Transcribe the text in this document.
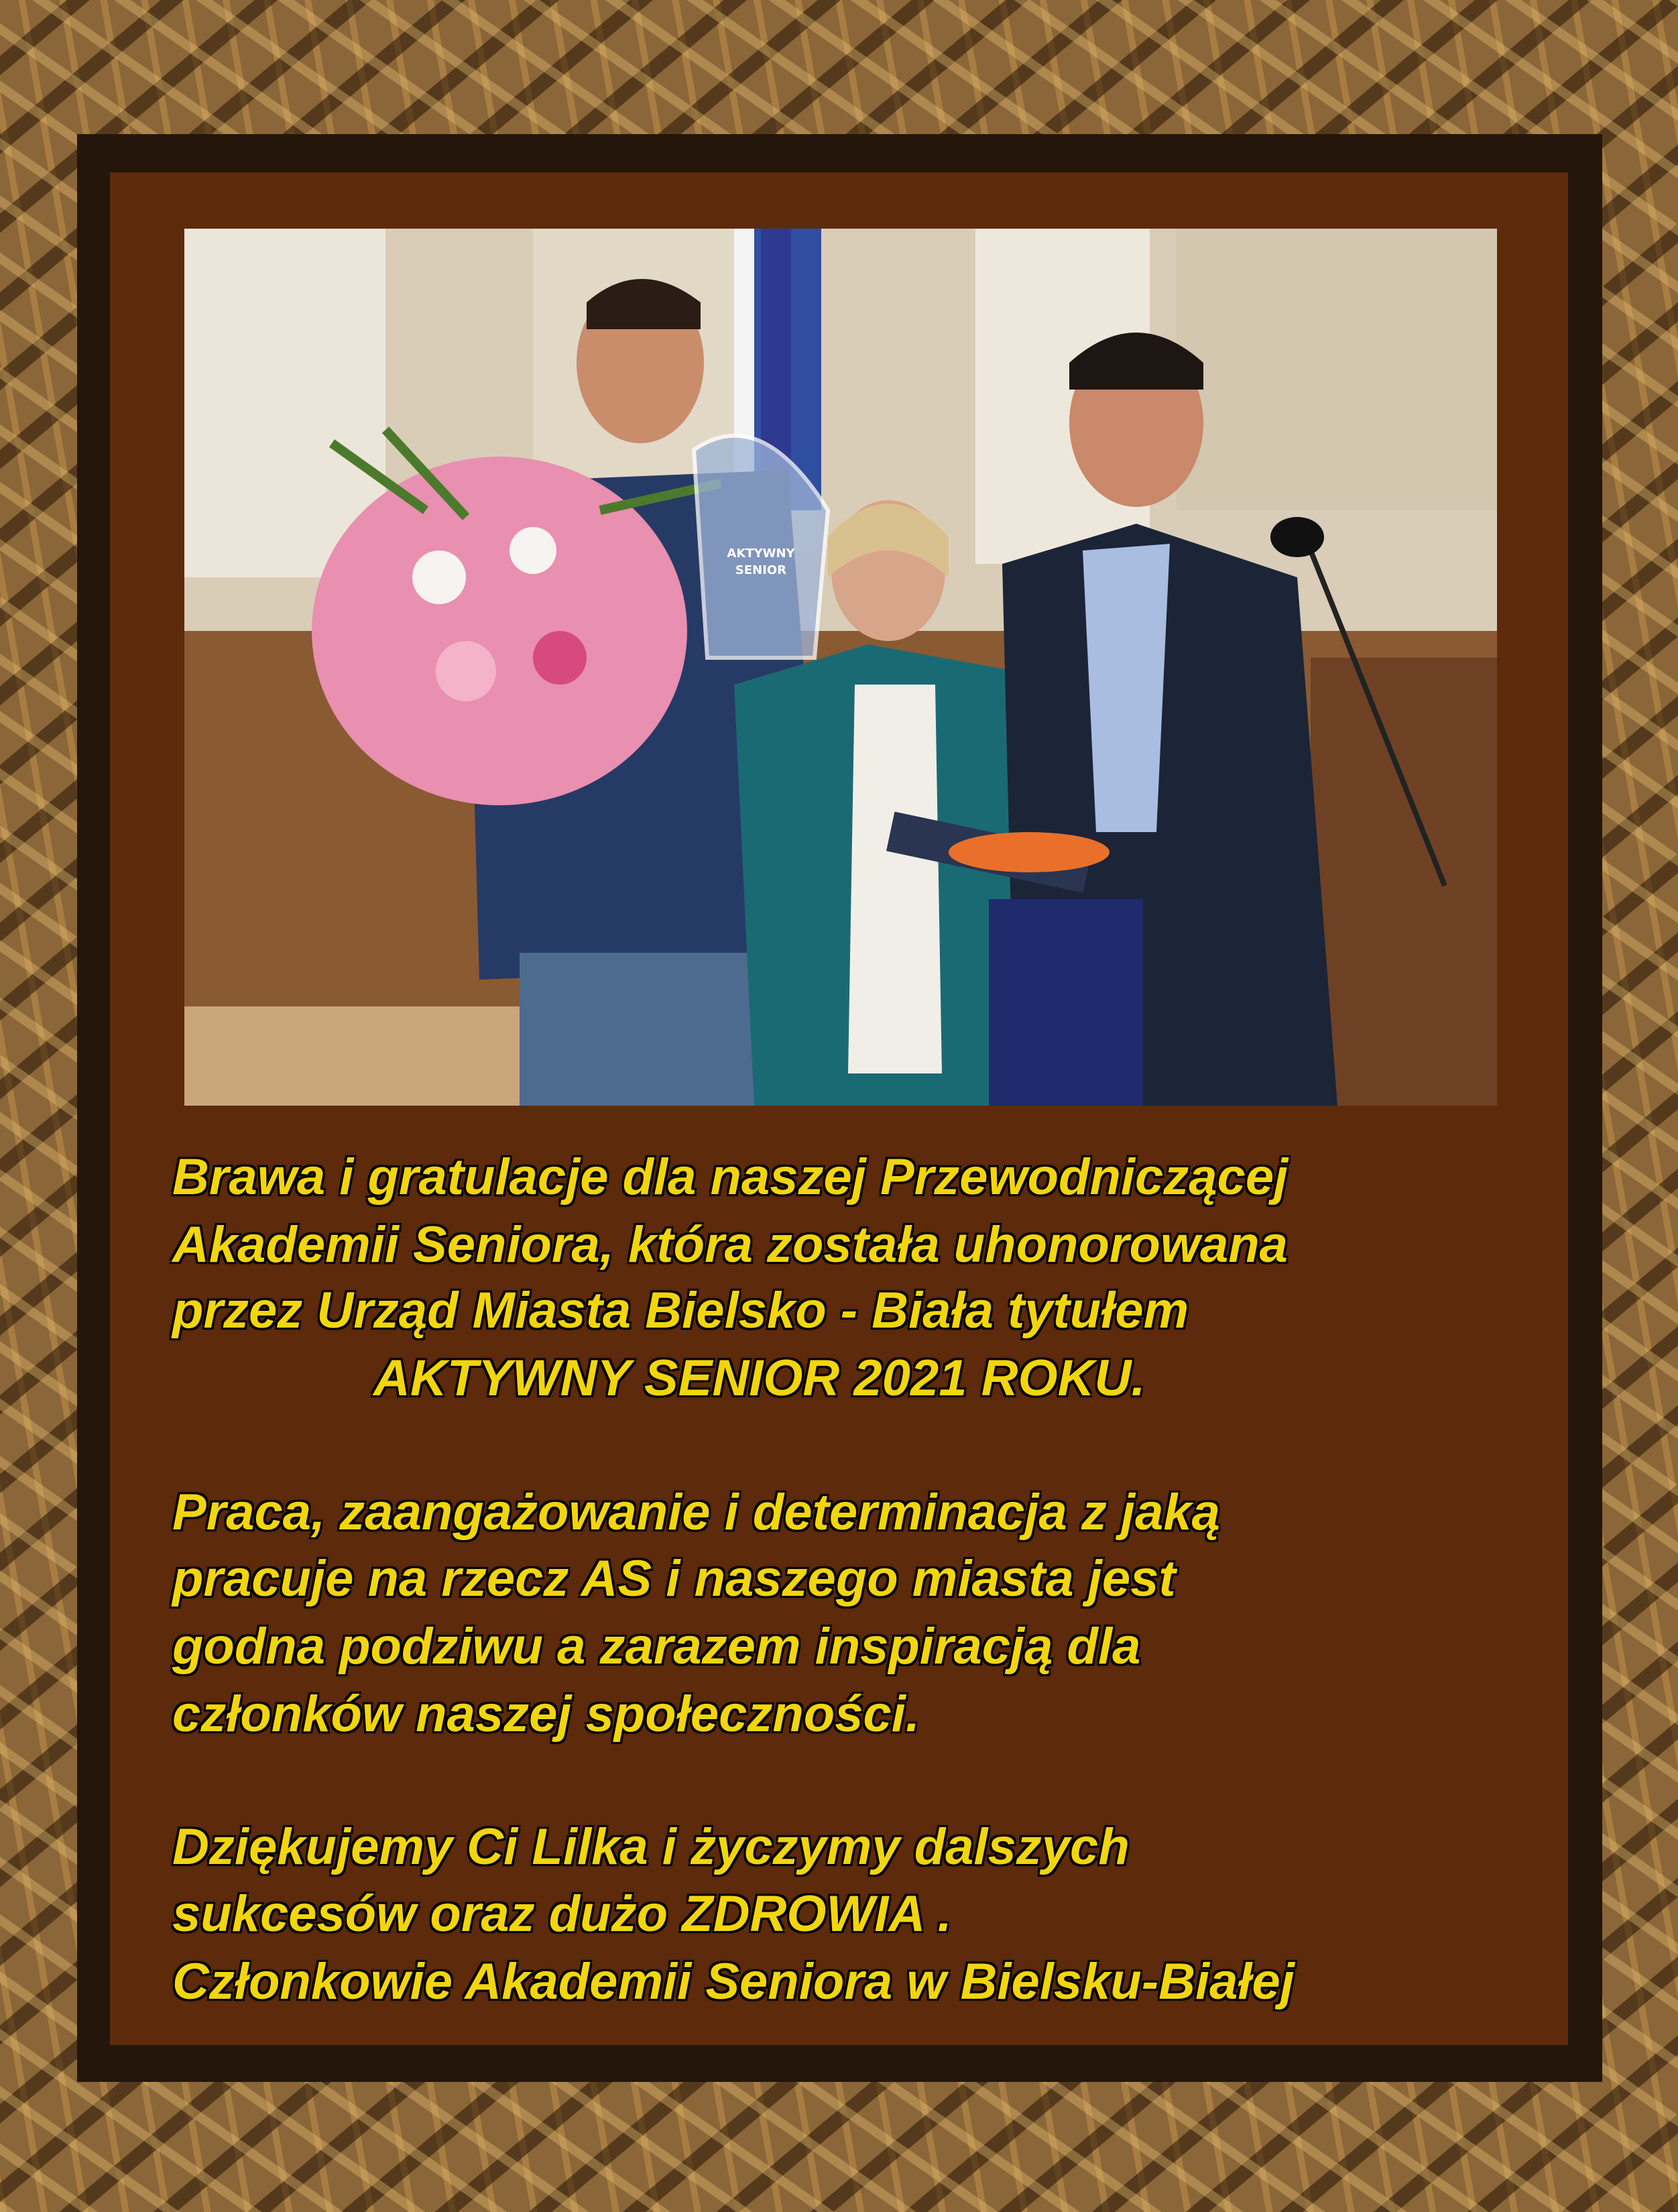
AKTYWNY
SENIOR
Brawa i gratulacje dla naszej Przewodniczącej
Akademii Seniora, która została uhonorowana
przez Urząd Miasta Bielsko - Biała tytułem
AKTYWNY SENIOR 2021 ROKU.
Praca, zaangażowanie i determinacja z jaką
pracuje na rzecz AS i naszego miasta jest
godna podziwu a zarazem inspiracją dla
członków naszej społeczności.
Dziękujemy Ci Lilka i życzymy dalszych
sukcesów oraz dużo ZDROWIA .
Członkowie Akademii Seniora w Bielsku-Białej
